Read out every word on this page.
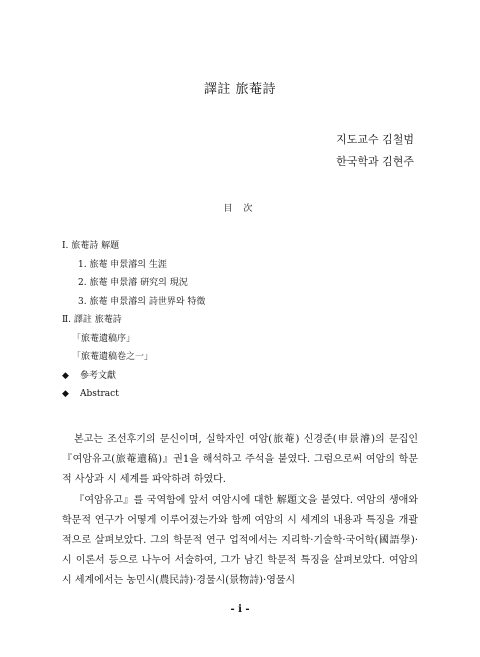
譯註 旅菴詩
지도교수 김철범
한국학과 김현주
目 次
Ⅰ. 旅菴詩 解題
1. 旅菴 申景濬의 生涯
2. 旅菴 申景濬 硏究의 現況
3. 旅菴 申景濬의 詩世界와 特徵
Ⅱ. 譯註 旅菴詩
「旅菴遺稿序」
「旅菴遺稿卷之一」
◆ 參考文獻
◆ Abstract

본고는 조선후기의 문신이며, 실학자인 여암(旅菴) 신경준(申景濬)의 문집인 『여암유고(旅菴遺稿)』권1을 해석하고 주석을 붙였다. 그럼으로써 여암의 학문적 사상과 시 세계를 파악하려 하였다.

『여암유고』를 국역함에 앞서 여암시에 대한 解題文을 붙였다. 여암의 생애와 학문적 연구가 어떻게 이루어졌는가와 함께 여암의 시 세계의 내용과 특징을 개괄적으로 살펴보았다. 그의 학문적 연구 업적에서는 지리학·기술학·국어학(國語學)·시 이론서 등으로 나누어 서술하여, 그가 남긴 학문적 특징을 살펴보았다. 여암의 시 세계에서는 농민시(農民詩)·경물시(景物詩)·영물시

- i -
